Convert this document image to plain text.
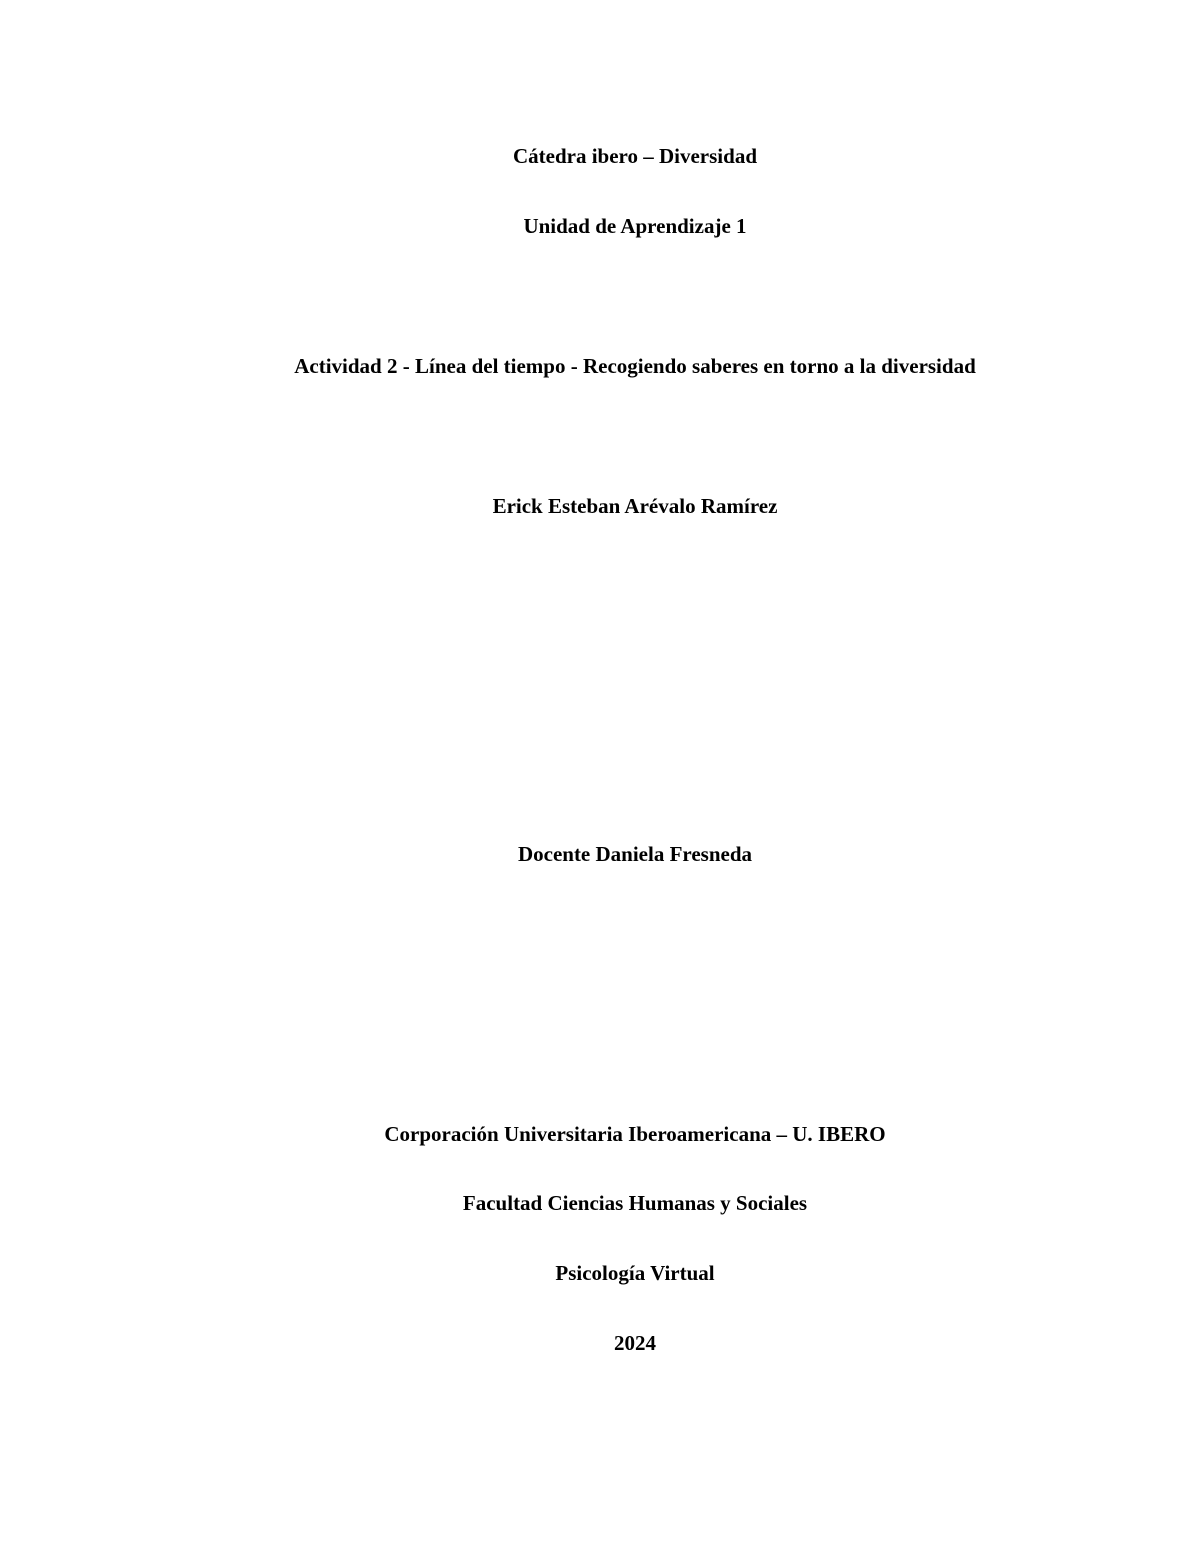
Cátedra ibero – Diversidad
Unidad de Aprendizaje 1
Actividad 2 - Línea del tiempo - Recogiendo saberes en torno a la diversidad
Erick Esteban Arévalo Ramírez
Docente Daniela Fresneda
Corporación Universitaria Iberoamericana – U. IBERO
Facultad Ciencias Humanas y Sociales
Psicología Virtual
2024
